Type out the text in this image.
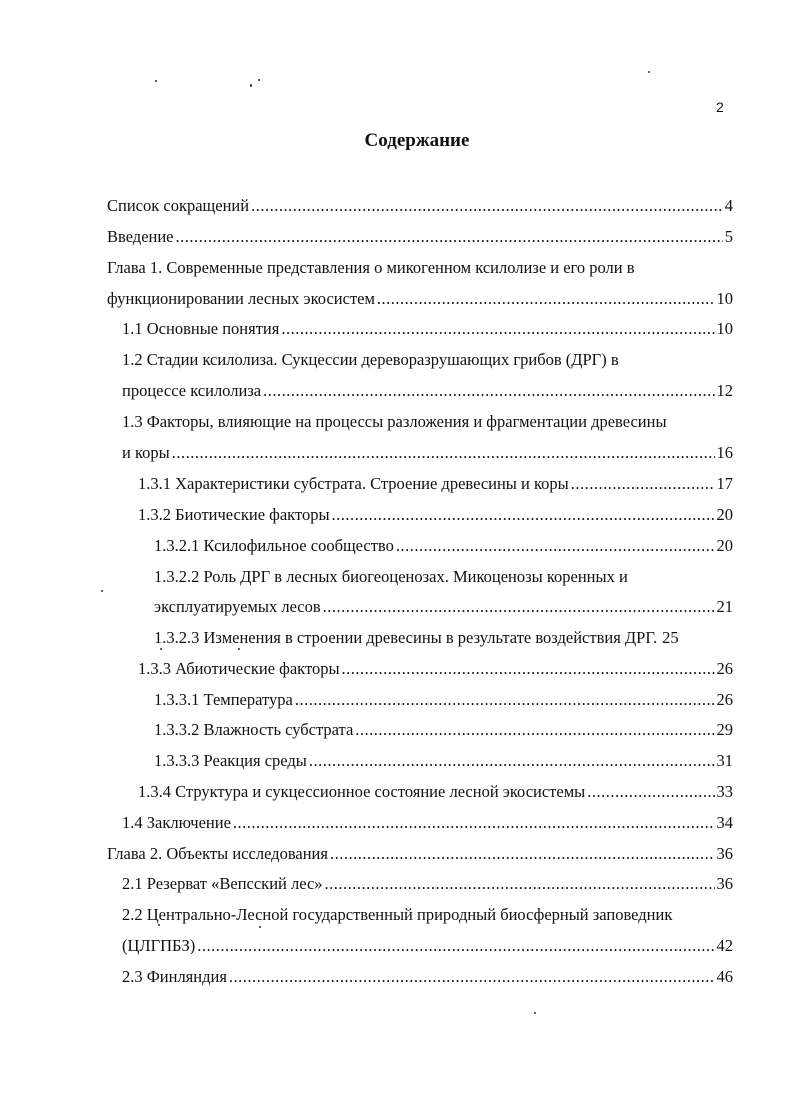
2
Содержание
Список сокращений .....	4
Введение .....	5
Глава 1. Современные представления о микогенном ксилолизе и его роли в
функционировании лесных экосистем .....	10
1.1 Основные понятия .....	10
1.2 Стадии ксилолиза. Сукцессии дереворазрушающих грибов (ДРГ) в
процессе ксилолиза .....	12
1.3 Факторы, влияющие на процессы разложения и фрагментации древесины
и коры .....	16
1.3.1 Характеристики субстрата. Строение древесины и коры .....	17
1.3.2 Биотические факторы .....	20
1.3.2.1 Ксилофильное сообщество .....	20
1.3.2.2 Роль ДРГ в лесных биогеоценозах. Микоценозы коренных и
эксплуатируемых лесов .....	21
1.3.2.3 Изменения в строении древесины в результате воздействия ДРГ. 25
1.3.3 Абиотические факторы .....	26
1.3.3.1 Температура .....	26
1.3.3.2 Влажность субстрата .....	29
1.3.3.3 Реакция среды .....	31
1.3.4 Структура и сукцессионное состояние лесной экосистемы .....	33
1.4 Заключение .....	34
Глава 2. Объекты исследования .....	36
2.1 Резерват «Вепсский лес» .....	36
2.2 Центрально-Лесной государственный природный биосферный заповедник
(ЦЛГПБЗ) .....	42
2.3 Финляндия .....	46
